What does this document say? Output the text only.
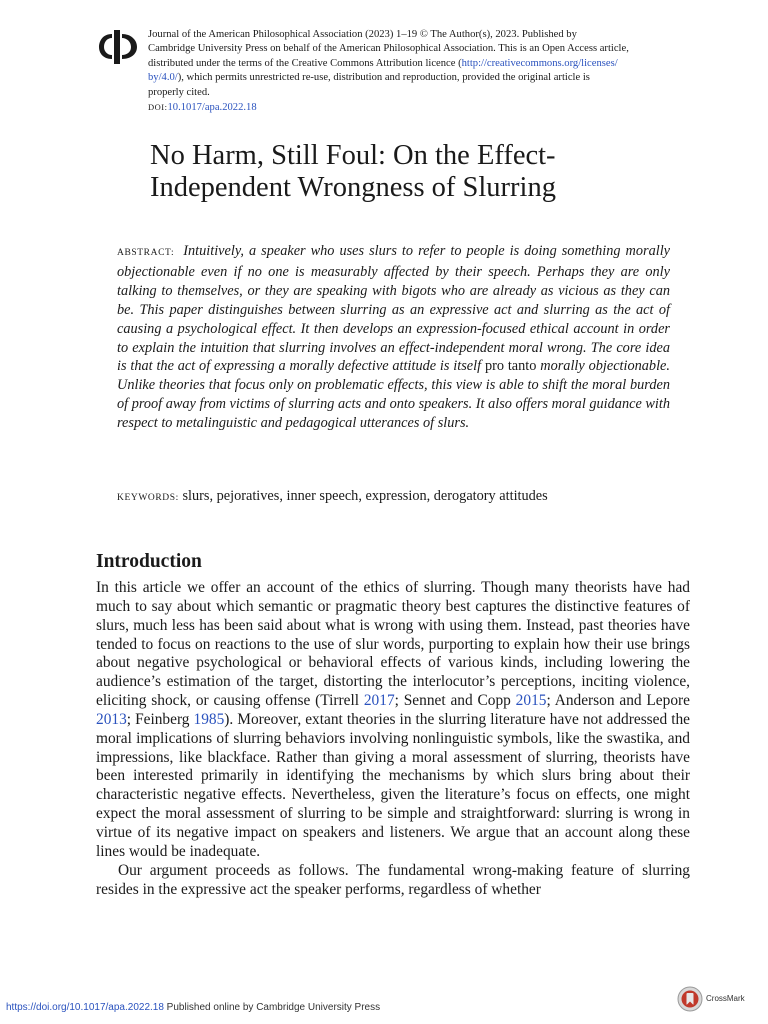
Journal of the American Philosophical Association (2023) 1–19 © The Author(s), 2023. Published by
Cambridge University Press on behalf of the American Philosophical Association. This is an Open Access article,
distributed under the terms of the Creative Commons Attribution licence (http://creativecommons.org/licenses/
by/4.0/), which permits unrestricted re-use, distribution and reproduction, provided the original article is
properly cited.
DOI:10.1017/apa.2022.18
No Harm, Still Foul: On the Effect-
Independent Wrongness of Slurring
ABSTRACT: Intuitively, a speaker who uses slurs to refer to people is doing something morally objectionable even if no one is measurably affected by their speech. Perhaps they are only talking to themselves, or they are speaking with bigots who are already as vicious as they can be. This paper distinguishes between slurring as an expressive act and slurring as the act of causing a psychological effect. It then develops an expression-focused ethical account in order to explain the intuition that slurring involves an effect-independent moral wrong. The core idea is that the act of expressing a morally defective attitude is itself pro tanto morally objectionable. Unlike theories that focus only on problematic effects, this view is able to shift the moral burden of proof away from victims of slurring acts and onto speakers. It also offers moral guidance with respect to metalinguistic and pedagogical utterances of slurs.
KEYWORDS: slurs, pejoratives, inner speech, expression, derogatory attitudes
Introduction

In this article we offer an account of the ethics of slurring. Though many theorists have had much to say about which semantic or pragmatic theory best captures the distinctive features of slurs, much less has been said about what is wrong with using them. Instead, past theories have tended to focus on reactions to the use of slur words, purporting to explain how their use brings about negative psychological or behavioral effects of various kinds, including lowering the audience’s estimation of the target, distorting the interlocutor’s perceptions, inciting violence, eliciting shock, or causing offense (Tirrell 2017; Sennet and Copp 2015; Anderson and Lepore 2013; Feinberg 1985). Moreover, extant theories in the slurring literature have not addressed the moral implications of slurring behaviors involving nonlinguistic symbols, like the swastika, and impressions, like blackface. Rather than giving a moral assessment of slurring, theorists have been interested primarily in identifying the mechanisms by which slurs bring about their characteristic negative effects. Nevertheless, given the literature’s focus on effects, one might expect the moral assessment of slurring to be simple and straightforward: slurring is wrong in virtue of its negative impact on speakers and listeners. We argue that an account along these lines would be inadequate.

Our argument proceeds as follows. The fundamental wrong-making feature of slurring resides in the expressive act the speaker performs, regardless of whether

https://doi.org/10.1017/apa.2022.18 Published online by Cambridge University Press
CrossMark
